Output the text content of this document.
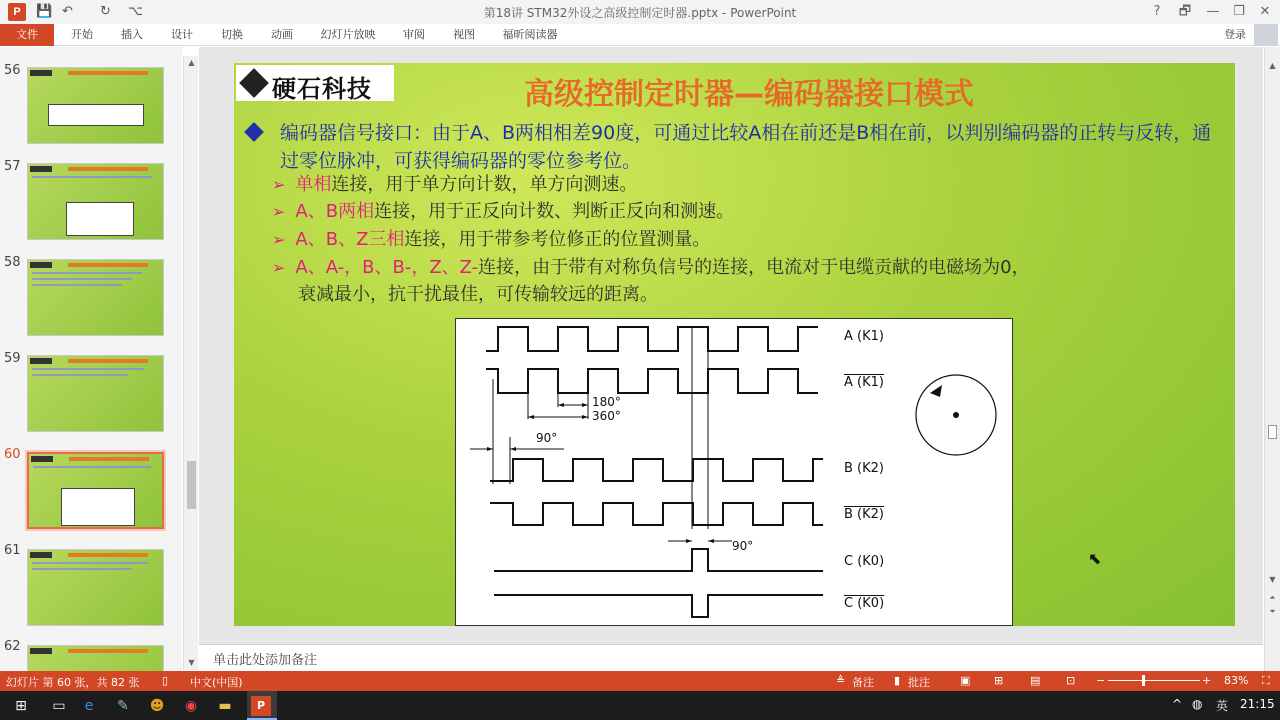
P	💾 ↶ ↻ ⌥	第18讲 STM32外设之高级控制定时器.pptx - PowerPoint	?	🗗	—	❐	✕
文件	开始	插入	设计	切换	动画	幻灯片放映	审阅	视图	福昕阅读器	登录
56
57
58
59
60
61
62
▲
▼
硬石科技	高级控制定时器—编码器接口模式
编码器信号接口：由于A、B两相相差90度，可通过比较A相在前还是B相在前，以判别编码器的正转与反转，通过零位脉冲，可获得编码器的零位参考位。
➢ 单相连接，用于单方向计数，单方向测速。
➢ A、B两相连接，用于正反向计数、判断正反向和测速。
➢ A、B、Z三相连接，用于带参考位修正的位置测量。
➢ A、A-，B、B-，Z、Z-连接，由于带有对称负信号的连接，电流对于电缆贡献的电磁场为0，
衰减最小，抗干扰最佳，可传输较远的距离。
A (K1)
A (K1)
B (K2)
B (K2)
C (K0)
C (K0)
180°
360°
90°
90°
⬉
单击此处添加备注
▲
▼
⏶
⏷
幻灯片 第 60 张，共 82 张 ▯ 中文(中国)	≜ 备注 ▮ 批注	▣ ⊞ ▤ ⊡ −	+ 83% ⛶
⊞	▭	e	✎	☻	◉	▬	P	^ ◍ 英 21:15
